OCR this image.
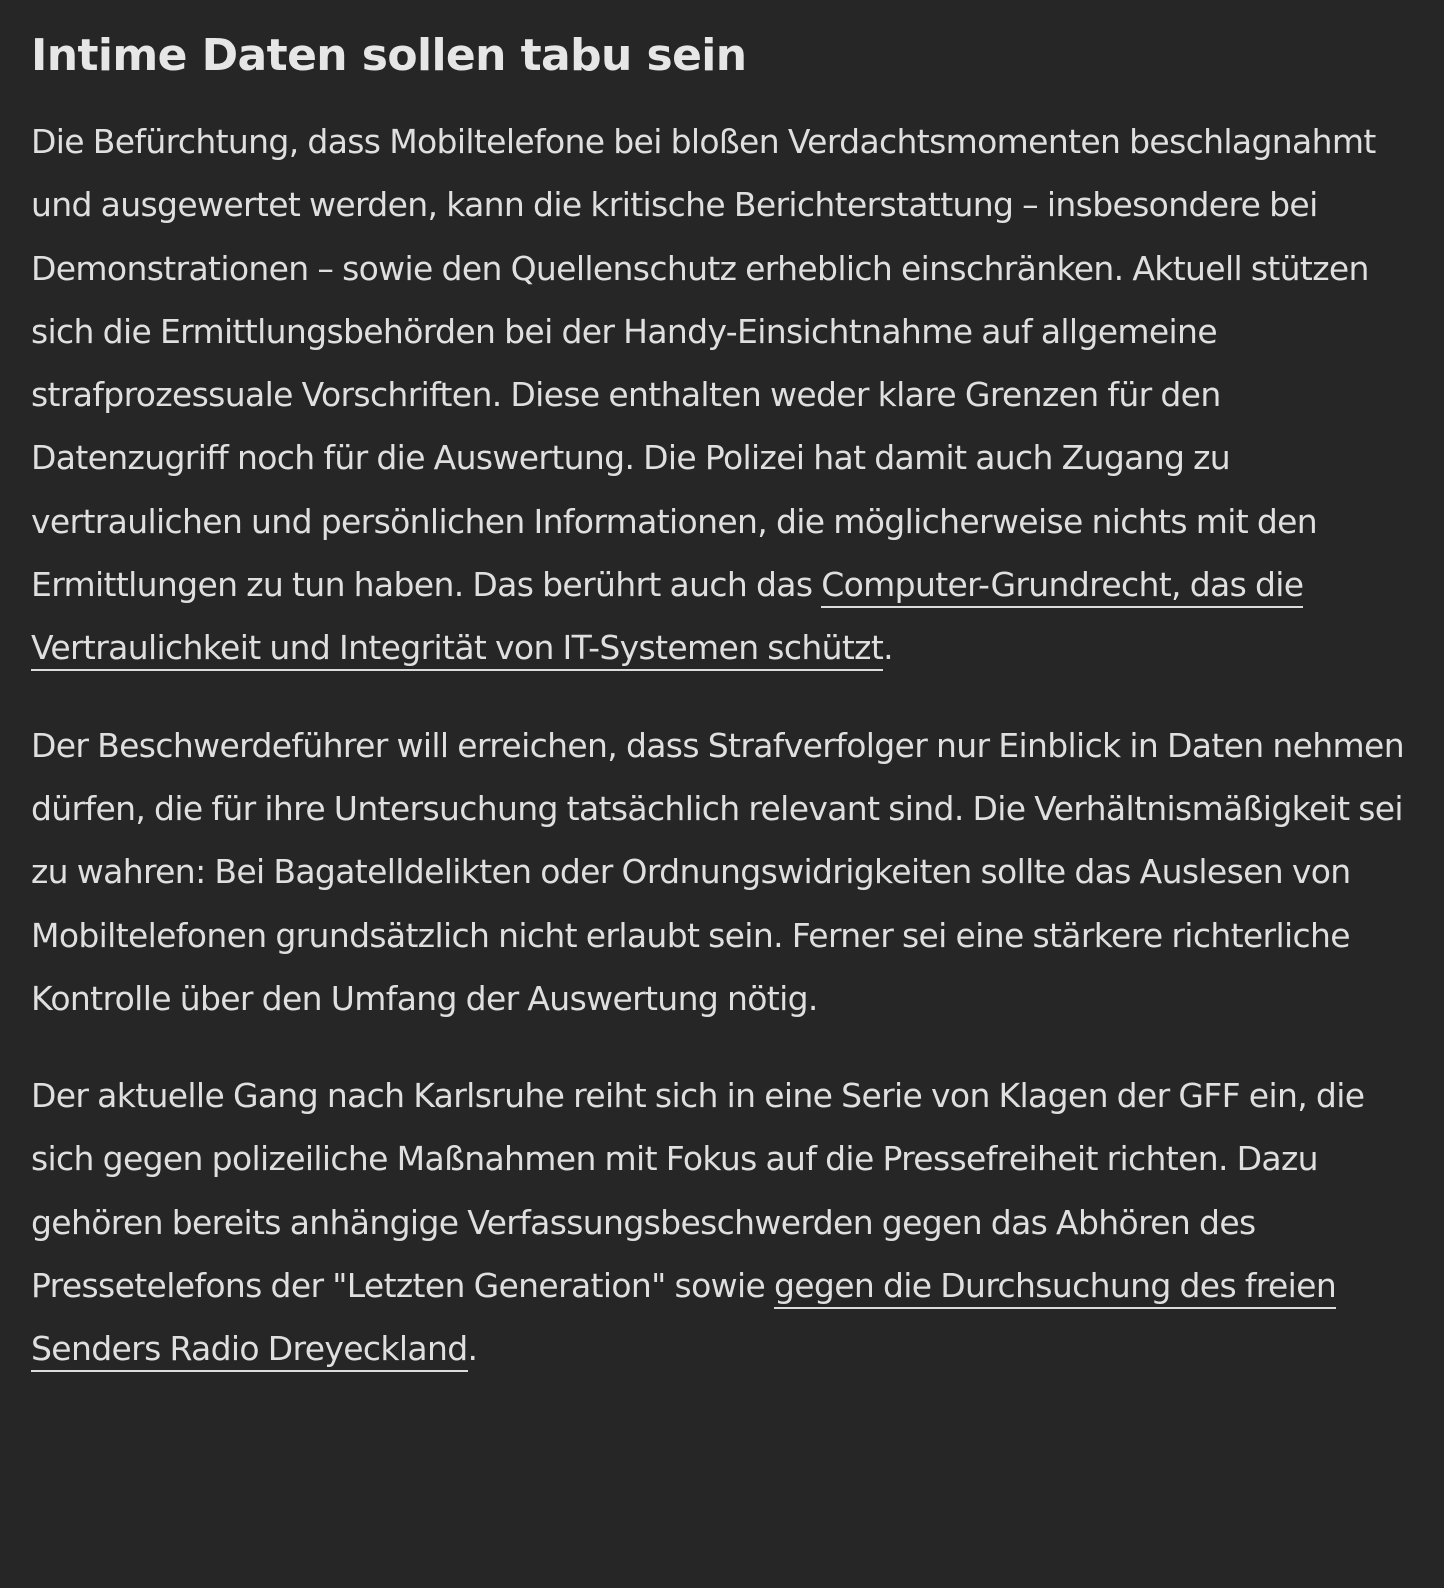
Intime Daten sollen tabu sein

Die Befürchtung, dass Mobiltelefone bei bloßen Verdachtsmomenten beschlagnahmt und ausgewertet werden, kann die kritische Berichterstattung – insbesondere bei Demonstrationen – sowie den Quellenschutz erheblich einschränken. Aktuell stützen sich die Ermittlungsbehörden bei der Handy-Einsichtnahme auf allgemeine strafprozessuale Vorschriften. Diese enthalten weder klare Grenzen für den Datenzugriff noch für die Auswertung. Die Polizei hat damit auch Zugang zu vertraulichen und persönlichen Informationen, die möglicherweise nichts mit den Ermittlungen zu tun haben. Das berührt auch das Computer-Grundrecht, das die Vertraulichkeit und Integrität von IT-Systemen schützt.

Der Beschwerdeführer will erreichen, dass Strafverfolger nur Einblick in Daten nehmen dürfen, die für ihre Untersuchung tatsächlich relevant sind. Die Verhältnismäßigkeit sei zu wahren: Bei Bagatelldelikten oder Ordnungswidrigkeiten sollte das Auslesen von Mobiltelefonen grundsätzlich nicht erlaubt sein. Ferner sei eine stärkere richterliche Kontrolle über den Umfang der Auswertung nötig.

Der aktuelle Gang nach Karlsruhe reiht sich in eine Serie von Klagen der GFF ein, die sich gegen polizeiliche Maßnahmen mit Fokus auf die Pressefreiheit richten. Dazu gehören bereits anhängige Verfassungsbeschwerden gegen das Abhören des Pressetelefons der "Letzten Generation" sowie gegen die Durchsuchung des freien Senders Radio Dreyeckland.
